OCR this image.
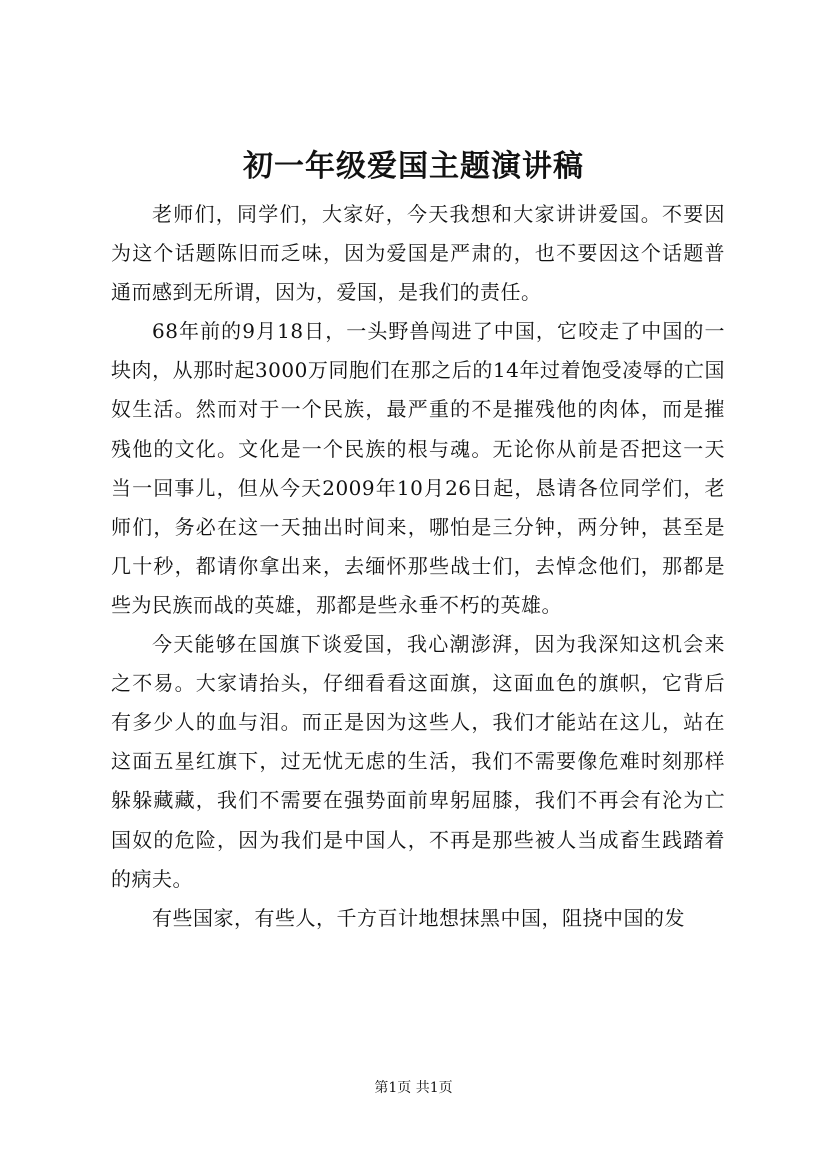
初一年级爱国主题演讲稿

老师们，同学们，大家好，今天我想和大家讲讲爱国。不要因为这个话题陈旧而乏味，因为爱国是严肃的，也不要因这个话题普通而感到无所谓，因为，爱国，是我们的责任。

68年前的9月18日，一头野兽闯进了中国，它咬走了中国的一块肉，从那时起3000万同胞们在那之后的14年过着饱受凌辱的亡国奴生活。然而对于一个民族，最严重的不是摧残他的肉体，而是摧残他的文化。文化是一个民族的根与魂。无论你从前是否把这一天当一回事儿，但从今天2009年10月26日起，恳请各位同学们，老师们，务必在这一天抽出时间来，哪怕是三分钟，两分钟，甚至是几十秒，都请你拿出来，去缅怀那些战士们，去悼念他们，那都是些为民族而战的英雄，那都是些永垂不朽的英雄。

今天能够在国旗下谈爱国，我心潮澎湃，因为我深知这机会来之不易。大家请抬头，仔细看看这面旗，这面血色的旗帜，它背后有多少人的血与泪。而正是因为这些人，我们才能站在这儿，站在这面五星红旗下，过无忧无虑的生活，我们不需要像危难时刻那样躲躲藏藏，我们不需要在强势面前卑躬屈膝，我们不再会有沦为亡国奴的危险，因为我们是中国人，不再是那些被人当成畜生践踏着的病夫。

有些国家，有些人，千方百计地想抹黑中国，阻挠中国的发

第1页 共1页
